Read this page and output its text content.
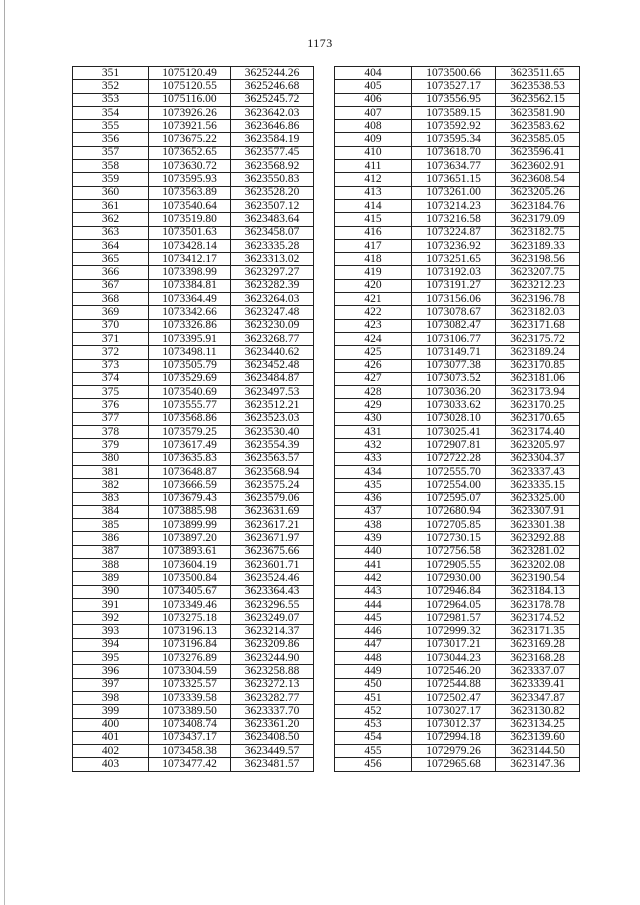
1173
351	1075120.49	3625244.26
352	1075120.55	3625246.68
353	1075116.00	3625245.72
354	1073926.26	3623642.03
355	1073921.56	3623646.86
356	1073675.22	3623584.19
357	1073652.65	3623577.45
358	1073630.72	3623568.92
359	1073595.93	3623550.83
360	1073563.89	3623528.20
361	1073540.64	3623507.12
362	1073519.80	3623483.64
363	1073501.63	3623458.07
364	1073428.14	3623335.28
365	1073412.17	3623313.02
366	1073398.99	3623297.27
367	1073384.81	3623282.39
368	1073364.49	3623264.03
369	1073342.66	3623247.48
370	1073326.86	3623230.09
371	1073395.91	3623268.77
372	1073498.11	3623440.62
373	1073505.79	3623452.48
374	1073529.69	3623484.87
375	1073540.69	3623497.53
376	1073555.77	3623512.21
377	1073568.86	3623523.03
378	1073579.25	3623530.40
379	1073617.49	3623554.39
380	1073635.83	3623563.57
381	1073648.87	3623568.94
382	1073666.59	3623575.24
383	1073679.43	3623579.06
384	1073885.98	3623631.69
385	1073899.99	3623617.21
386	1073897.20	3623671.97
387	1073893.61	3623675.66
388	1073604.19	3623601.71
389	1073500.84	3623524.46
390	1073405.67	3623364.43
391	1073349.46	3623296.55
392	1073275.18	3623249.07
393	1073196.13	3623214.37
394	1073196.84	3623209.86
395	1073276.89	3623244.90
396	1073304.59	3623258.88
397	1073325.57	3623272.13
398	1073339.58	3623282.77
399	1073389.50	3623337.70
400	1073408.74	3623361.20
401	1073437.17	3623408.50
402	1073458.38	3623449.57
403	1073477.42	3623481.57
404	1073500.66	3623511.65
405	1073527.17	3623538.53
406	1073556.95	3623562.15
407	1073589.15	3623581.90
408	1073592.92	3623583.62
409	1073595.34	3623585.05
410	1073618.70	3623596.41
411	1073634.77	3623602.91
412	1073651.15	3623608.54
413	1073261.00	3623205.26
414	1073214.23	3623184.76
415	1073216.58	3623179.09
416	1073224.87	3623182.75
417	1073236.92	3623189.33
418	1073251.65	3623198.56
419	1073192.03	3623207.75
420	1073191.27	3623212.23
421	1073156.06	3623196.78
422	1073078.67	3623182.03
423	1073082.47	3623171.68
424	1073106.77	3623175.72
425	1073149.71	3623189.24
426	1073077.38	3623170.85
427	1073073.52	3623181.06
428	1073036.20	3623173.94
429	1073033.62	3623170.25
430	1073028.10	3623170.65
431	1073025.41	3623174.40
432	1072907.81	3623205.97
433	1072722.28	3623304.37
434	1072555.70	3623337.43
435	1072554.00	3623335.15
436	1072595.07	3623325.00
437	1072680.94	3623307.91
438	1072705.85	3623301.38
439	1072730.15	3623292.88
440	1072756.58	3623281.02
441	1072905.55	3623202.08
442	1072930.00	3623190.54
443	1072946.84	3623184.13
444	1072964.05	3623178.78
445	1072981.57	3623174.52
446	1072999.32	3623171.35
447	1073017.21	3623169.28
448	1073044.23	3623168.28
449	1072546.20	3623337.07
450	1072544.88	3623339.41
451	1072502.47	3623347.87
452	1073027.17	3623130.82
453	1073012.37	3623134.25
454	1072994.18	3623139.60
455	1072979.26	3623144.50
456	1072965.68	3623147.36
